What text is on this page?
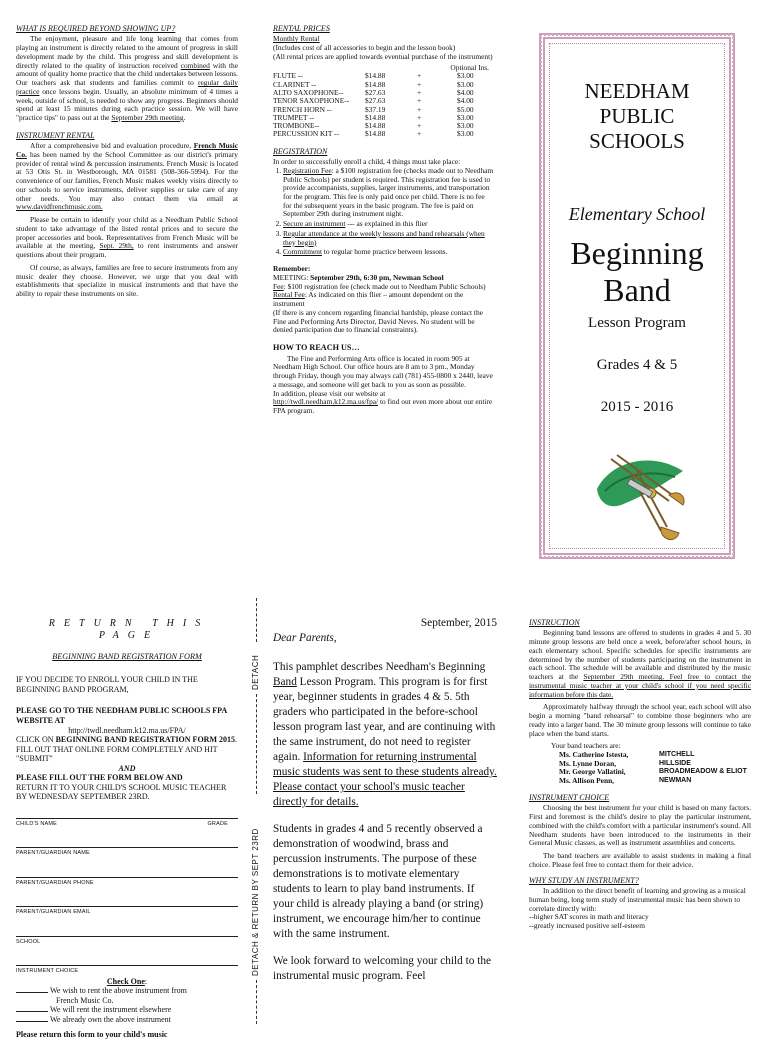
WHAT IS REQUIRED BEYOND SHOWING UP?
The enjoyment, pleasure and life long learning that comes from playing an instrument is directly related to the amount of progress in skill development made by the child. This progress and skill development is directly related to the quality of instruction received combined with the amount of quality home practice that the child undertakes between lessons. Our teachers ask that students and families commit to regular daily practice once lessons begin. Usually, an absolute minimum of 4 times a week, outside of school, is needed to show any progress. Beginners should spend at least 15 minutes during each practice session. We will have "practice tips" to pass out at the September 29th meeting.
INSTRUMENT RENTAL
After a comprehensive bid and evaluation procedure, French Music Co. has been named by the School Committee as our district's primary provider of rental wind & percussion instruments. French Music is located at 53 Otis St. in Westborough, MA 01581 (508-366-5994). For the convenience of our families, French Music makes weekly visits directly to our schools to service instruments, deliver supplies or take care of any other needs. You may also contact them via email at www.davidfrenchmusic.com.
Please be certain to identify your child as a Needham Public School student to take advantage of the listed rental prices and to secure the proper accessories and book. Representatives from French Music will be available at the meeting, Sept. 29th, to rent instruments and answer questions about their program.
Of course, as always, families are free to secure instruments from any music dealer they choose. However, we urge that you deal with establishments that specialize in musical instruments and that have the ability to repair these instruments on site.
RENTAL PRICES
Monthly Rental
(Includes cost of all accessories to begin and the lesson book)
(All rental prices are applied towards eventual purchase of the instrument)
Optional Ins.
FLUTE --	$14.88	+	$3.00
CLARINET --	$14.88	+	$3.00
ALTO SAXOPHONE--	$27.63	+	$4.00
TENOR SAXOPHONE--	$27.63	+	$4.00
FRENCH HORN --	$37.19	+	$5.00
TRUMPET --	$14.88	+	$3.00
TROMBONE--	$14.88	+	$3.00
PERCUSSION KIT --	$14.88	+	$3.00
REGISTRATION
In order to successfully enroll a child, 4 things must take place:
1. Registration Fee: a $100 registration fee (checks made out to Needham Public Schools) per student is required. This registration fee is used to provide accompanists, supplies, larger instruments, and transportation for the program. This fee is only paid once per child. There is no fee for the subsequent years in the basic program. The fee is paid on September 29th during instrument night.
2. Secure an instrument --- as explained in this flier
3. Regular attendance at the weekly lessons and band rehearsals (when they begin)
4. Commitment to regular home practice between lessons.
Remember:
MEETING: September 29th, 6:30 pm, Newman School
Fee: $100 registration fee (check made out to Needham Public Schools)
Rental Fee: As indicated on this flier – amount dependent on the instrument
(If there is any concern regarding financial hardship, please contact the Fine and Performing Arts Director, David Neves. No student will be denied participation due to financial constraints).
HOW TO REACH US…
The Fine and Performing Arts office is located in room 905 at Needham High School. Our office hours are 8 am to 3 pm., Monday through Friday, though you may always call (781) 455-0800 x 2440, leave a message, and someone will get back to you as soon as possible.
In addition, please visit our website at
http://twdl.needham.k12.ma.us/fpa/ to find out even more about our entire FPA program.
NEEDHAM
PUBLIC
SCHOOLS
Elementary School
Beginning
Band
Lesson Program
Grades 4 & 5
2015 - 2016
RETURN THIS PAGE
BEGINNING BAND REGISTRATION FORM
IF YOU DECIDE TO ENROLL YOUR CHILD IN THE BEGINNING BAND PROGRAM,
PLEASE GO TO THE NEEDHAM PUBLIC SCHOOLS FPA WEBSITE AT
http://twdl.needham.k12.ma.us/FPA/
CLICK ON BEGINNING BAND REGISTRATION FORM 2015. FILL OUT THAT ONLINE FORM COMPLETELY AND HIT "SUBMIT"
AND
PLEASE FILL OUT THE FORM BELOW AND
RETURN IT TO YOUR CHILD'S SCHOOL MUSIC TEACHER BY WEDNESDAY SEPTEMBER 23RD.
CHILD'S NAME	GRADE
PARENT/GUARDIAN NAME
PARENT/GUARDIAN PHONE
PARENT/GUARDIAN EMAIL
SCHOOL
INSTRUMENT CHOICE
Check One:
We wish to rent the above instrument from
French Music Co.
We will rent the instrument elsewhere
We already own the above instrument
Please return this form to your child's music
DETACH
DETACH & RETURN BY SEPT 23RD
September, 2015
Dear Parents,

This pamphlet describes Needham's Beginning Band Lesson Program. This program is for first year, beginner students in grades 4 & 5. 5th graders who participated in the before-school lesson program last year, and are continuing with the same instrument, do not need to register again. Information for returning instrumental music students was sent to these students already. Please contact your school's music teacher directly for details.

Students in grades 4 and 5 recently observed a demonstration of woodwind, brass and percussion instruments. The purpose of these demonstrations is to motivate elementary students to learn to play band instruments. If your child is already playing a band (or string) instrument, we encourage him/her to continue with the same instrument.

We look forward to welcoming your child to the instrumental music program. Feel

INSTRUCTION
Beginning band lessons are offered to students in grades 4 and 5. 30 minute group lessons are held once a week, before/after school hours, in each elementary school. Specific schedules for specific instruments are determined by the number of students participating on the instrument in each school. The schedule will be available and distributed by the music teachers at the September 29th meeting. Feel free to contact the instrumental music teacher at your child's school if you need specific information before this date.
Approximately halfway through the school year, each school will also begin a morning "band rehearsal" to combine those beginners who are ready into a larger band. The 30 minute group lessons will continue to take place when the band starts.
Your band teachers are:
Ms. Catherine Istesta,	MITCHELL
Ms. Lynne Doran,	HILLSIDE
Mr. George Vallatini,	BROADMEADOW & ELIOT
Ms. Allison Penn,	NEWMAN
INSTRUMENT CHOICE
Choosing the best instrument for your child is based on many factors. First and foremost is the child's desire to play the particular instrument, combined with the child's comfort with a particular instrument's sound. All Needham students have been introduced to the instruments in their General Music classes, as well as instrument assemblies and concerts.
The band teachers are available to assist students in making a final choice. Please feel free to contact them for their advice.
WHY STUDY AN INSTRUMENT?
In addition to the direct benefit of learning and growing as a musical human being, long term study of instrumental music has been shown to correlate directly with:
--higher SAT scores in math and literacy
--greatly increased positive self-esteem
